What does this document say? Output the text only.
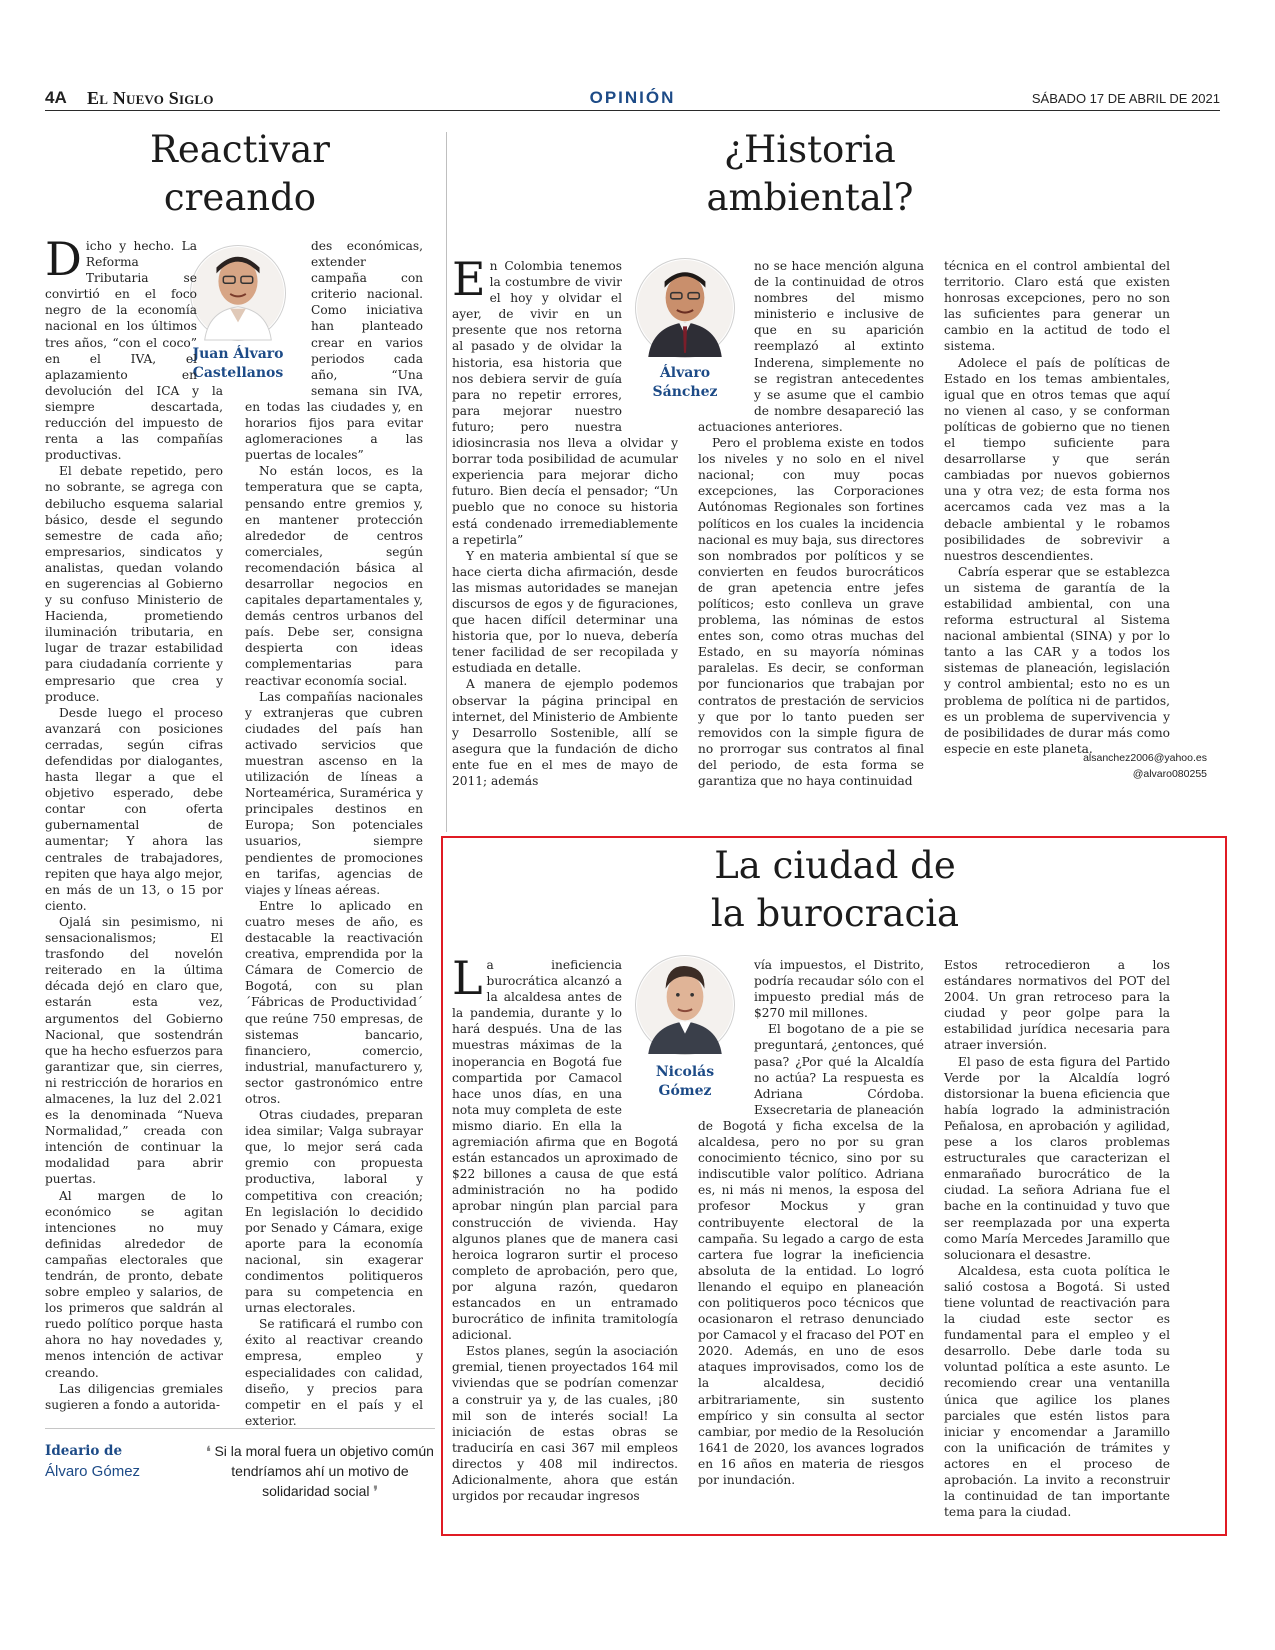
4A El Nuevo Siglo	OPINIÓN	SÁBADO 17 DE ABRIL DE 2021
Reactivar
creando
Juan Álvaro
Castellanos

Dicho y hecho. La Reforma Tributaria se convirtió en el foco negro de la economía nacional en los últimos tres años, “con el coco” en el IVA, el aplazamiento en devolución del ICA y la siempre descartada, reducción del impuesto de renta a las compañías productivas.

El debate repetido, pero no sobrante, se agrega con debilucho esquema salarial básico, desde el segundo semestre de cada año; empresarios, sindicatos y analistas, quedan volando en sugerencias al Gobierno y su confuso Ministerio de Hacienda, prometiendo iluminación tributaria, en lugar de trazar estabilidad para ciudadanía corriente y empresario que crea y produce.

Desde luego el proceso avanzará con posiciones cerradas, según cifras defendidas por dialogantes, hasta llegar a que el objetivo esperado, debe contar con oferta gubernamental de aumentar; Y ahora las centrales de trabajadores, repiten que haya algo mejor, en más de un 13, o 15 por ciento.

Ojalá sin pesimismo, ni sensacionalismos; El trasfondo del novelón reiterado en la última década dejó en claro que, estarán esta vez, argumentos del Gobierno Nacional, que sostendrán que ha hecho esfuerzos para garantizar que, sin cierres, ni restricción de horarios en almacenes, la luz del 2.021 es la denominada “Nueva Normalidad,” creada con intención de continuar la modalidad para abrir puertas.

Al margen de lo económico se agitan intenciones no muy definidas alrededor de campañas electorales que tendrán, de pronto, debate sobre empleo y salarios, de los primeros que saldrán al ruedo político porque hasta ahora no hay novedades y, menos intención de activar creando.

Las diligencias gremiales sugieren a fondo a autorida-

des económicas, extender campaña con criterio nacional. Como iniciativa han planteado crear en varios periodos cada año, “Una semana sin IVA, en todas las ciudades y, en horarios fijos para evitar aglomeraciones a las puertas de locales”

No están locos, es la temperatura que se capta, pensando entre gremios y, en mantener protección alrededor de centros comerciales, según recomendación básica al desarrollar negocios en capitales departamentales y, demás centros urbanos del país. Debe ser, consigna despierta con ideas complementarias para reactivar economía social.

Las compañías nacionales y extranjeras que cubren ciudades del país han activado servicios que muestran ascenso en la utilización de líneas a Norteamérica, Suramérica y principales destinos en Europa; Son potenciales usuarios, siempre pendientes de promociones en tarifas, agencias de viajes y líneas aéreas.

Entre lo aplicado en cuatro meses de año, es destacable la reactivación creativa, emprendida por la Cámara de Comercio de Bogotá, con su plan ´Fábricas de Productividad´ que reúne 750 empresas, de sistemas bancario, financiero, comercio, industrial, manufacturero y, sector gastronómico entre otros.

Otras ciudades, preparan idea similar; Valga subrayar que, lo mejor será cada gremio con propuesta productiva, laboral y competitiva con creación; En legislación lo decidido por Senado y Cámara, exige aporte para la economía nacional, sin exagerar condimentos politiqueros para su competencia en urnas electorales.

Se ratificará el rumbo con éxito al reactivar creando empresa, empleo y especialidades con calidad, diseño, y precios para competir en el país y el exterior.

Ideario de
Álvaro Gómez
❛ Si la moral fuera un objetivo común tendríamos ahí un motivo de solidaridad social ❜
¿Historia
ambiental?
Álvaro
Sánchez

En Colombia tenemos la costumbre de vivir el hoy y olvidar el ayer, de vivir en un presente que nos retorna al pasado y de olvidar la historia, esa historia que nos debiera servir de guía para no repetir errores, para mejorar nuestro futuro; pero nuestra idiosincrasia nos lleva a olvidar y borrar toda posibilidad de acumular experiencia para mejorar dicho futuro. Bien decía el pensador; “Un pueblo que no conoce su historia está condenado irremediablemente a repetirla”

Y en materia ambiental sí que se hace cierta dicha afirmación, desde las mismas autoridades se manejan discursos de egos y de figuraciones, que hacen difícil determinar una historia que, por lo nueva, debería tener facilidad de ser recopilada y estudiada en detalle.

A manera de ejemplo podemos observar la página principal en internet, del Ministerio de Ambiente y Desarrollo Sostenible, allí se asegura que la fundación de dicho ente fue en el mes de mayo de 2011; además

no se hace mención alguna de la continuidad de otros nombres del mismo ministerio e inclusive de que en su aparición reemplazó al extinto Inderena, simplemente no se registran antecedentes y se asume que el cambio de nombre desapareció las actuaciones anteriores.

Pero el problema existe en todos los niveles y no solo en el nivel nacional; con muy pocas excepciones, las Corporaciones Autónomas Regionales son fortines políticos en los cuales la incidencia nacional es muy baja, sus directores son nombrados por políticos y se convierten en feudos burocráticos de gran apetencia entre jefes políticos; esto conlleva un grave problema, las nóminas de estos entes son, como otras muchas del Estado, en su mayoría nóminas paralelas. Es decir, se conforman por funcionarios que trabajan por contratos de prestación de servicios y que por lo tanto pueden ser removidos con la simple figura de no prorrogar sus contratos al final del periodo, de esta forma se garantiza que no haya continuidad

técnica en el control ambiental del territorio. Claro está que existen honrosas excepciones, pero no son las suficientes para generar un cambio en la actitud de todo el sistema.

Adolece el país de políticas de Estado en los temas ambientales, igual que en otros temas que aquí no vienen al caso, y se conforman políticas de gobierno que no tienen el tiempo suficiente para desarrollarse y que serán cambiadas por nuevos gobiernos una y otra vez; de esta forma nos acercamos cada vez mas a la debacle ambiental y le robamos posibilidades de sobrevivir a nuestros descendientes.

Cabría esperar que se establezca un sistema de garantía de la estabilidad ambiental, con una reforma estructural al Sistema nacional ambiental (SINA) y por lo tanto a las CAR y a todos los sistemas de planeación, legislación y control ambiental; esto no es un problema de política ni de partidos, es un problema de supervivencia y de posibilidades de durar más como especie en este planeta.

alsanchez2006@yahoo.es
@alvaro080255
La ciudad de
la burocracia
Nicolás
Gómez

La ineficiencia burocrática alcanzó a la alcaldesa antes de la pandemia, durante y lo hará después. Una de las muestras máximas de la inoperancia en Bogotá fue compartida por Camacol hace unos días, en una nota muy completa de este mismo diario. En ella la agremiación afirma que en Bogotá están estancados un aproximado de $22 billones a causa de que está administración no ha podido aprobar ningún plan parcial para construcción de vivienda. Hay algunos planes que de manera casi heroica lograron surtir el proceso completo de aprobación, pero que, por alguna razón, quedaron estancados en un entramado burocrático de infinita tramitología adicional.

Estos planes, según la asociación gremial, tienen proyectados 164 mil viviendas que se podrían comenzar a construir ya y, de las cuales, ¡80 mil son de interés social! La iniciación de estas obras se traduciría en casi 367 mil empleos directos y 408 mil indirectos. Adicionalmente, ahora que están urgidos por recaudar ingresos

vía impuestos, el Distrito, podría recaudar sólo con el impuesto predial más de $270 mil millones.

El bogotano de a pie se preguntará, ¿entonces, qué pasa? ¿Por qué la Alcaldía no actúa? La respuesta es Adriana Córdoba. Exsecretaria de planeación de Bogotá y ficha excelsa de la alcaldesa, pero no por su gran conocimiento técnico, sino por su indiscutible valor político. Adriana es, ni más ni menos, la esposa del profesor Mockus y gran contribuyente electoral de la campaña. Su legado a cargo de esta cartera fue lograr la ineficiencia absoluta de la entidad. Lo logró llenando el equipo en planeación con politiqueros poco técnicos que ocasionaron el retraso denunciado por Camacol y el fracaso del POT en 2020. Además, en uno de esos ataques improvisados, como los de la alcaldesa, decidió arbitrariamente, sin sustento empírico y sin consulta al sector cambiar, por medio de la Resolución 1641 de 2020, los avances logrados en 16 años en materia de riesgos por inundación.

Estos retrocedieron a los estándares normativos del POT del 2004. Un gran retroceso para la ciudad y peor golpe para la estabilidad jurídica necesaria para atraer inversión.

El paso de esta figura del Partido Verde por la Alcaldía logró distorsionar la buena eficiencia que había logrado la administración Peñalosa, en aprobación y agilidad, pese a los claros problemas estructurales que caracterizan el enmarañado burocrático de la ciudad. La señora Adriana fue el bache en la continuidad y tuvo que ser reemplazada por una experta como María Mercedes Jaramillo que solucionara el desastre.

Alcaldesa, esta cuota política le salió costosa a Bogotá. Si usted tiene voluntad de reactivación para la ciudad este sector es fundamental para el empleo y el desarrollo. Debe darle toda su voluntad política a este asunto. Le recomiendo crear una ventanilla única que agilice los planes parciales que estén listos para iniciar y encomendar a Jaramillo con la unificación de trámites y actores en el proceso de aprobación. La invito a reconstruir la continuidad de tan importante tema para la ciudad.
